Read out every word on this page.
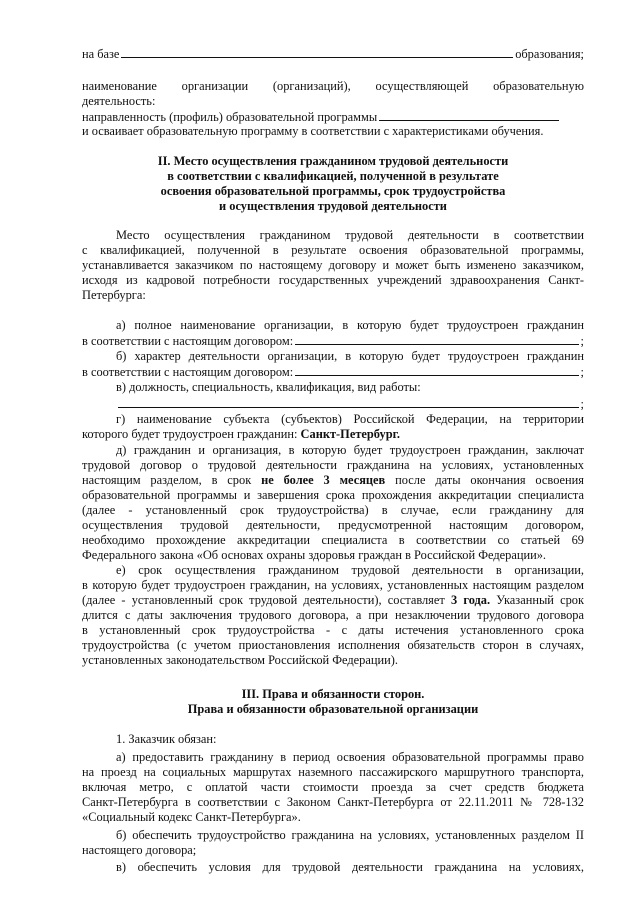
на базе	образования;
наименование организации (организаций), осуществляющей образовательную
деятельность:
направленность (профиль) образовательной программы
и осваивает образовательную программу в соответствии с характеристиками обучения.
II. Место осуществления гражданином трудовой деятельности
в соответствии с квалификацией, полученной в результате
освоения образовательной программы, срок трудоустройства
и осуществления трудовой деятельности
Место осуществления гражданином трудовой деятельности в соответствии
с квалификацией, полученной в результате освоения образовательной программы,
устанавливается заказчиком по настоящему договору и может быть изменено заказчиком,
исходя из кадровой потребности государственных учреждений здравоохранения Санкт-
Петербурга:
а) полное наименование организации, в которую будет трудоустроен гражданин
в соответствии с настоящим договором:	;
б) характер деятельности организации, в которую будет трудоустроен гражданин
в соответствии с настоящим договором:	;
в) должность, специальность, квалификация, вид работы:
;
г) наименование субъекта (субъектов) Российской Федерации, на территории
которого будет трудоустроен гражданин: Санкт-Петербург.
д) гражданин и организация, в которую будет трудоустроен гражданин, заключат
трудовой договор о трудовой деятельности гражданина на условиях, установленных
настоящим разделом, в срок не более 3 месяцев после даты окончания освоения
образовательной программы и завершения срока прохождения аккредитации специалиста
(далее - установленный срок трудоустройства) в случае, если гражданину для
осуществления трудовой деятельности, предусмотренной настоящим договором,
необходимо прохождение аккредитации специалиста в соответствии со статьей 69
Федерального закона «Об основах охраны здоровья граждан в Российской Федерации».
е) срок осуществления гражданином трудовой деятельности в организации,
в которую будет трудоустроен гражданин, на условиях, установленных настоящим разделом
(далее - установленный срок трудовой деятельности), составляет 3 года. Указанный срок
длится с даты заключения трудового договора, а при незаключении трудового договора
в установленный срок трудоустройства - с даты истечения установленного срока
трудоустройства (с учетом приостановления исполнения обязательств сторон в случаях,
установленных законодательством Российской Федерации).
III. Права и обязанности сторон.
Права и обязанности образовательной организации
1. Заказчик обязан:
а) предоставить гражданину в период освоения образовательной программы право
на проезд на социальных маршрутах наземного пассажирского маршрутного транспорта,
включая метро, с оплатой части стоимости проезда за счет средств бюджета
Санкт-Петербурга в соответствии с Законом Санкт-Петербурга от 22.11.2011 № 728-132
«Социальный кодекс Санкт-Петербурга».
б) обеспечить трудоустройство гражданина на условиях, установленных разделом II
настоящего договора;
в) обеспечить условия для трудовой деятельности гражданина на условиях,
